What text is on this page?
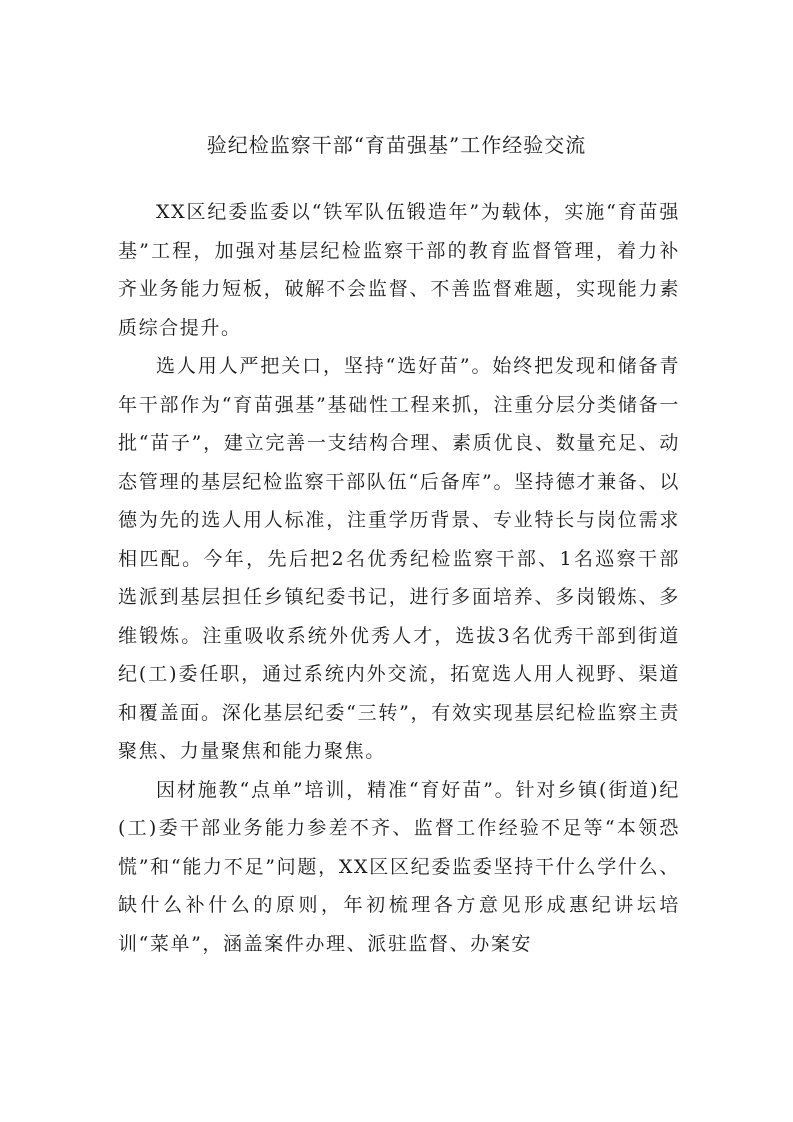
验纪检监察干部“育苗强基”工作经验交流

XX区纪委监委以“铁军队伍锻造年”为载体，实施“育苗强基”工程，加强对基层纪检监察干部的教育监督管理，着力补齐业务能力短板，破解不会监督、不善监督难题，实现能力素质综合提升。

选人用人严把关口，坚持“选好苗”。始终把发现和储备青年干部作为“育苗强基”基础性工程来抓，注重分层分类储备一批“苗子”，建立完善一支结构合理、素质优良、数量充足、动态管理的基层纪检监察干部队伍“后备库”。坚持德才兼备、以德为先的选人用人标准，注重学历背景、专业特长与岗位需求相匹配。今年，先后把2名优秀纪检监察干部、1名巡察干部选派到基层担任乡镇纪委书记，进行多面培养、多岗锻炼、多维锻炼。注重吸收系统外优秀人才，选拔3名优秀干部到街道纪(工)委任职，通过系统内外交流，拓宽选人用人视野、渠道和覆盖面。深化基层纪委“三转”，有效实现基层纪检监察主责聚焦、力量聚焦和能力聚焦。

因材施教“点单”培训，精准“育好苗”。针对乡镇(街道)纪(工)委干部业务能力参差不齐、监督工作经验不足等“本领恐慌”和“能力不足”问题，XX区区纪委监委坚持干什么学什么、缺什么补什么的原则，年初梳理各方意见形成惠纪讲坛培训“菜单”，涵盖案件办理、派驻监督、办案安
